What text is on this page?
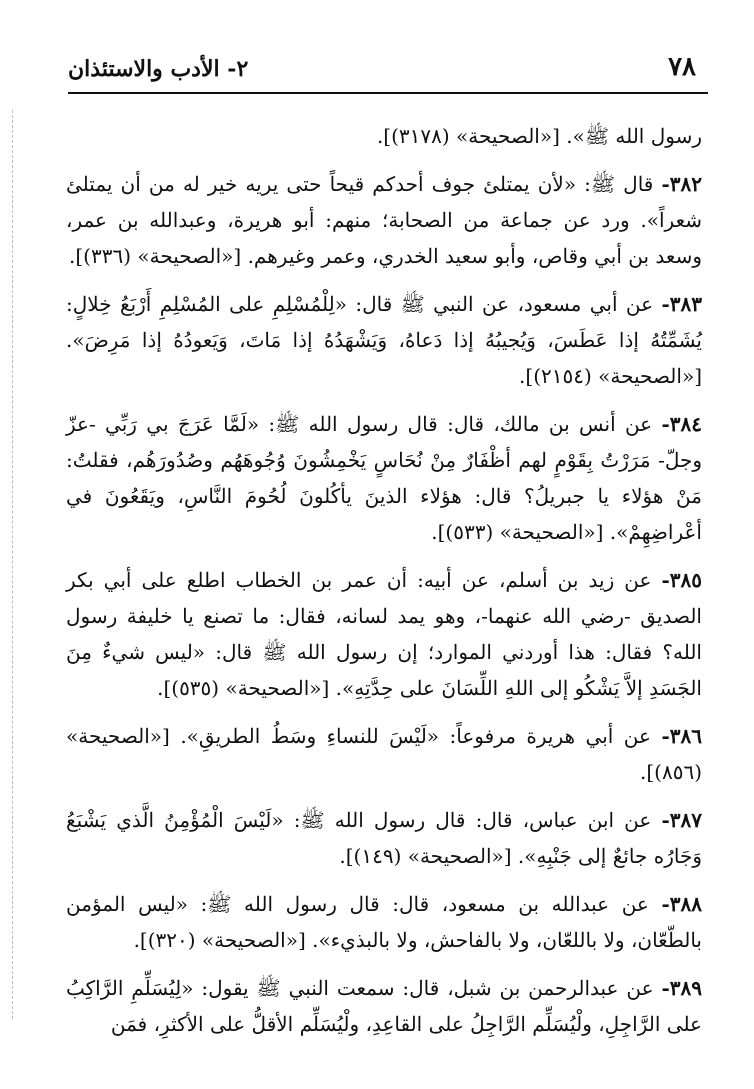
٧٨
٢- الأدب والاستئذان

رسول الله ﷺ». [«الصحيحة» (٣١٧٨)].

٣٨٢- قال ﷺ: «لأن يمتلئ جوف أحدكم قيحاً حتى يريه خير له من أن يمتلئ شعراً». ورد عن جماعة من الصحابة؛ منهم: أبو هريرة، وعبدالله بن عمر، وسعد بن أبي وقاص، وأبو سعيد الخدري، وعمر وغيرهم. [«الصحيحة» (٣٣٦)].

٣٨٣- عن أبي مسعود، عن النبي ﷺ قال: «لِلْمُسْلِمِ على المُسْلِمِ أَرْبَعُ خِلالٍ: يُشَمِّتُهُ إذا عَطَسَ، وَيُجيبُهُ إذا دَعاهُ، وَيَشْهَدُهُ إذا مَاتَ، وَيَعودُهُ إذا مَرِضَ». [«الصحيحة» (٢١٥٤)].

٣٨٤- عن أنس بن مالك، قال: قال رسول الله ﷺ: «لَمَّا عَرَجَ بي رَبِّي -عزّ وجلّ- مَرَرْتُ بِقَوْمٍ لهم أظْفَارٌ مِنْ نُحَاسٍ يَخْمِشُونَ وُجُوهَهُم وصُدُورَهُم، فقلتُ: مَنْ هؤلاء يا جبريلُ؟ قال: هؤلاء الذينَ يأكُلونَ لُحُومَ النَّاسِ، ويَقَعُونَ في أعْراضِهِمْ». [«الصحيحة» (٥٣٣)].

٣٨٥- عن زيد بن أسلم، عن أبيه: أن عمر بن الخطاب اطلع على أبي بكر الصديق -رضي الله عنهما-، وهو يمد لسانه، فقال: ما تصنع يا خليفة رسول الله؟ فقال: هذا أوردني الموارد؛ إن رسول الله ﷺ قال: «ليس شيءٌ مِنَ الجَسَدِ إلاَّ يَشْكُو إلى اللهِ اللِّسَانَ على حِدَّتِهِ». [«الصحيحة» (٥٣٥)].

٣٨٦- عن أبي هريرة مرفوعاً: «لَيْسَ للنساءِ وسَطُ الطريقِ». [«الصحيحة» (٨٥٦)].

٣٨٧- عن ابن عباس، قال: قال رسول الله ﷺ: «لَيْسَ الْمُؤْمِنُ الَّذي يَشْبَعُ وَجَارُه جائعٌ إلى جَنْبِهِ». [«الصحيحة» (١٤٩)].

٣٨٨- عن عبدالله بن مسعود، قال: قال رسول الله ﷺ: «ليس المؤمن بالطّعّان، ولا باللعّان، ولا بالفاحش، ولا بالبذيء». [«الصحيحة» (٣٢٠)].

٣٨٩- عن عبدالرحمن بن شبل، قال: سمعت النبي ﷺ يقول: «لِيُسَلِّمِ الرَّاكِبُ على الرَّاجِلِ، ولْيُسَلِّم الرَّاجِلُ على القاعِدِ، ولْيُسَلِّم الأقلُّ على الأكثرِ، فمَن
